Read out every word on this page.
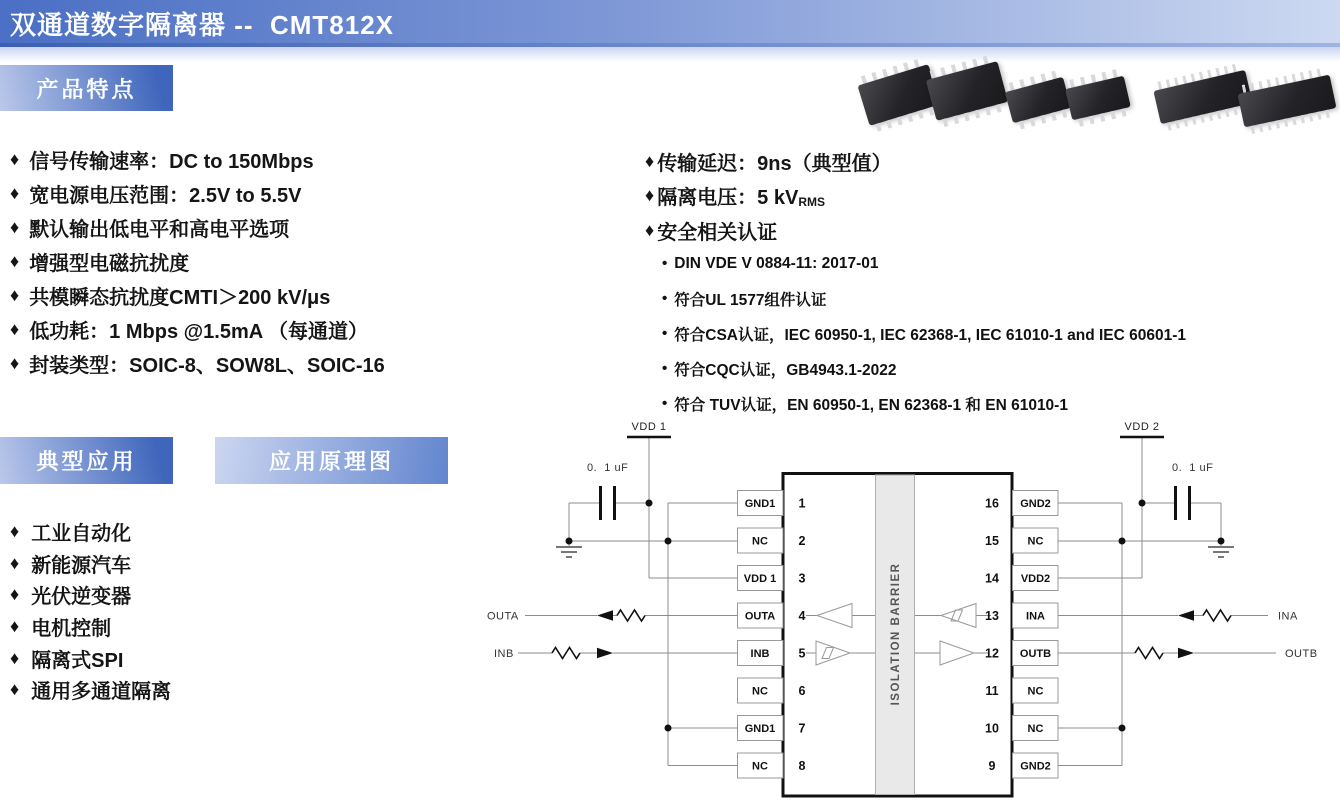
双通道数字隔离器 --  CMT812X
产品特点
典型应用	应用原理图
♦ 信号传输速率：DC to 150Mbps
♦ 宽电源电压范围：2.5V to 5.5V
♦ 默认输出低电平和高电平选项
♦ 增强型电磁抗扰度
♦ 共模瞬态抗扰度CMTI＞200 kV/μs
♦ 低功耗：1 Mbps @1.5mA （每通道）
♦ 封装类型：SOIC-8、SOW8L、SOIC-16
♦ 传输延迟：9ns（典型值）
♦ 隔离电压：5 kV RMS
♦ 安全相关认证
• DIN VDE V 0884-11: 2017-01
• 符合UL 1577组件认证
• 符合CSA认证，IEC 60950-1, IEC 62368-1, IEC 61010-1 and IEC 60601-1
• 符合CQC认证，GB4943.1-2022
• 符合 TUV认证，EN 60950-1, EN 62368-1 和 EN 61010-1
♦ 工业自动化
♦ 新能源汽车
♦ 光伏逆变器
♦ 电机控制
♦ 隔离式SPI
♦ 通用多通道隔离	ISOLATION BARRIER
VDD 1	VDD 2
0.  1 uF	0.  1 uF
GND1
NC
VDD 1
OUTA
INB
NC
GND1
NC
1
2
3
4
5
6
7
8
GND2
NC
VDD2
INA
OUTB
NC
NC
GND2
16
15
14
13
12
11
10
9
OUTA
INB
INA
OUTB
